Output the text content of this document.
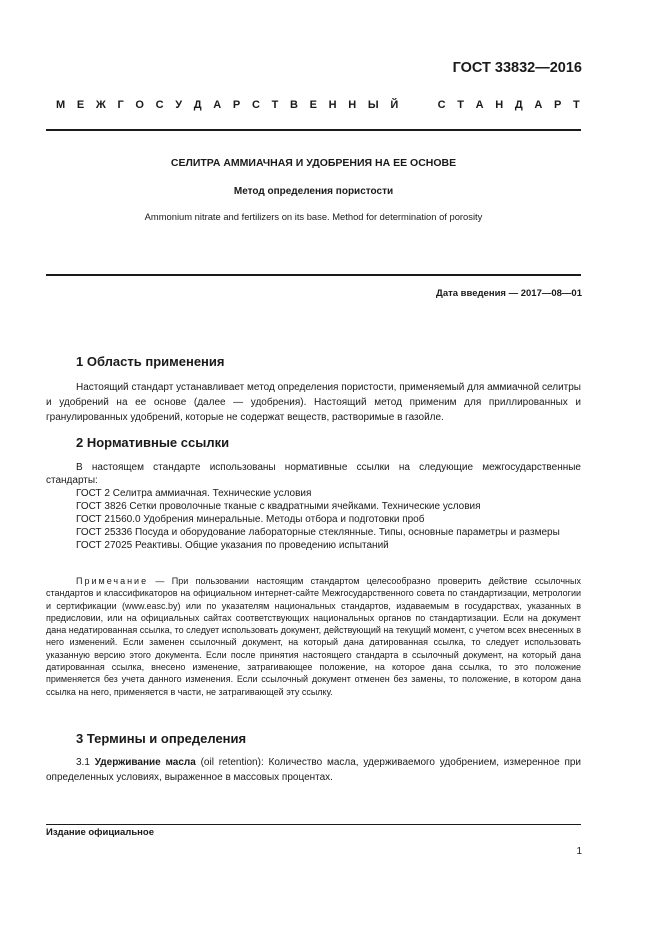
ГОСТ 33832—2016
М Е Ж Г О С У Д А Р С Т В Е Н Н Ы Й	С Т А Н Д А Р Т
СЕЛИТРА АММИАЧНАЯ И УДОБРЕНИЯ НА ЕЕ ОСНОВЕ
Метод определения пористости
Ammonium nitrate and fertilizers on its base. Method for determination of porosity
Дата введения — 2017—08—01
1 Область применения

Настоящий стандарт устанавливает метод определения пористости, применяемый для аммиачной селитры и удобрений на ее основе (далее — удобрения). Настоящий метод применим для приллированных и гранулированных удобрений, которые не содержат веществ, растворимые в газойле.

2 Нормативные ссылки

В настоящем стандарте использованы нормативные ссылки на следующие межгосударственные стандарты:

ГОСТ 2 Селитра аммиачная. Технические условия

ГОСТ 3826 Сетки проволочные тканые с квадратными ячейками. Технические условия

ГОСТ 21560.0 Удобрения минеральные. Методы отбора и подготовки проб

ГОСТ 25336 Посуда и оборудование лабораторные стеклянные. Типы, основные параметры и размеры

ГОСТ 27025 Реактивы. Общие указания по проведению испытаний

Примечание — При пользовании настоящим стандартом целесообразно проверить действие ссылочных стандартов и классификаторов на официальном интернет-сайте Межгосударственного совета по стандартизации, метрологии и сертификации (www.easc.by) или по указателям национальных стандартов, издаваемым в государствах, указанных в предисловии, или на официальных сайтах соответствующих национальных органов по стандартизации. Если на документ дана недатированная ссылка, то следует использовать документ, действующий на текущий момент, с учетом всех внесенных в него изменений. Если заменен ссылочный документ, на который дана датированная ссылка, то следует использовать указанную версию этого документа. Если после принятия настоящего стандарта в ссылочный документ, на который дана датированная ссылка, внесено изменение, затрагивающее положение, на которое дана ссылка, то это положение применяется без учета данного изменения. Если ссылочный документ отменен без замены, то положение, в котором дана ссылка на него, применяется в части, не затрагивающей эту ссылку.

3 Термины и определения

3.1 Удерживание масла (oil retention): Количество масла, удерживаемого удобрением, измеренное при определенных условиях, выраженное в массовых процентах.

Издание официальное
1
